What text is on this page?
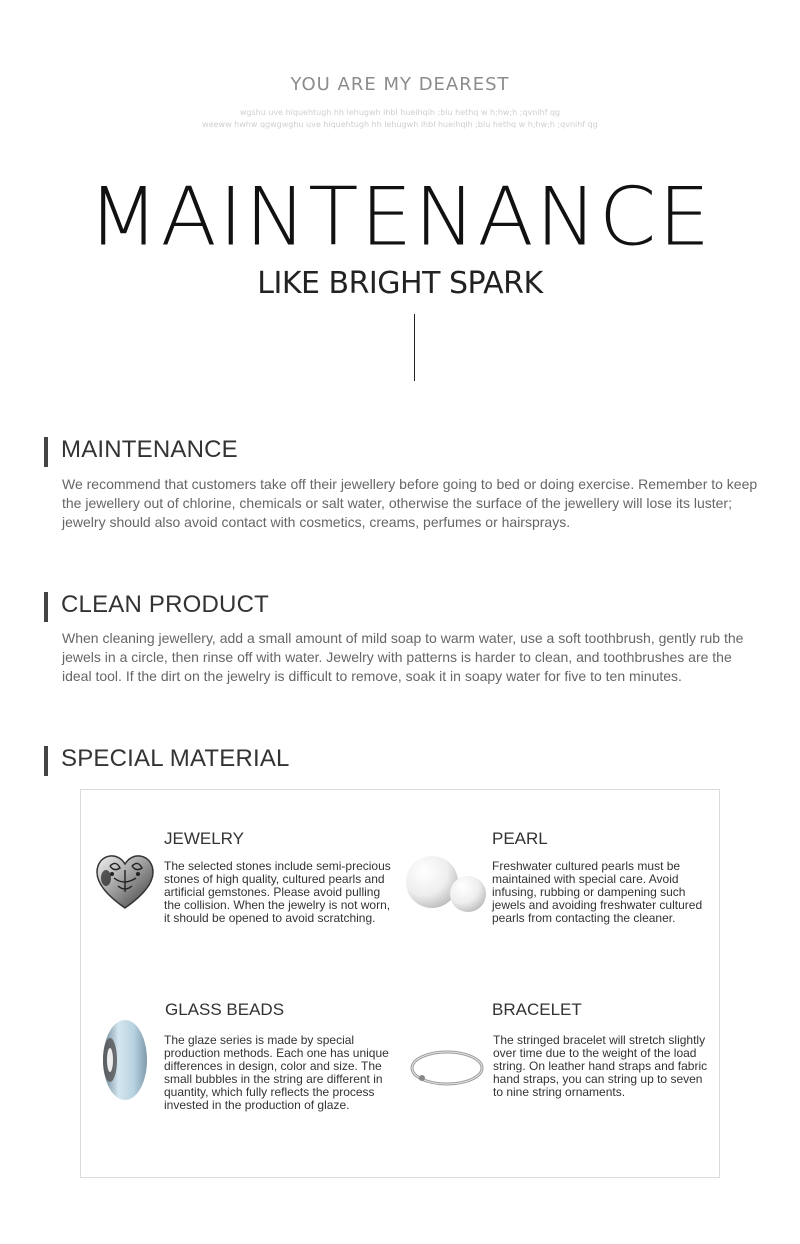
YOU ARE MY DEAREST
wgshu uve hiquehtugh hh lehugwh ihbl hueihqih ;blu hethq w h;hw;h ;qvnihf qg
weeww hwhw qgwgwghu uve hiquehtugh hh lehugwh ihbl hueihqih ;blu hethq w h;hw;h ;qvnihf qg
MAINTENANCE
LIKE BRIGHT SPARK
MAINTENANCE
We recommend that customers take off their jewellery before going to bed or doing exercise. Remember to keep the jewellery out of chlorine, chemicals or salt water, otherwise the surface of the jewellery will lose its luster; jewelry should also avoid contact with cosmetics, creams, perfumes or hairsprays.
CLEAN PRODUCT
When cleaning jewellery, add a small amount of mild soap to warm water, use a soft toothbrush, gently rub the jewels in a circle, then rinse off with water. Jewelry with patterns is harder to clean, and toothbrushes are the ideal tool. If the dirt on the jewelry is difficult to remove, soak it in soapy water for five to ten minutes.
SPECIAL MATERIAL
JEWELRY
The selected stones include semi-precious stones of high quality, cultured pearls and artificial gemstones. Please avoid pulling the collision. When the jewelry is not worn, it should be opened to avoid scratching.
PEARL
Freshwater cultured pearls must be maintained with special care. Avoid infusing, rubbing or dampening such jewels and avoiding freshwater cultured pearls from contacting the cleaner.
GLASS BEADS
The glaze series is made by special production methods. Each one has unique differences in design, color and size. The small bubbles in the string are different in quantity, which fully reflects the process invested in the production of glaze.
BRACELET
The stringed bracelet will stretch slightly over time due to the weight of the load string. On leather hand straps and fabric hand straps, you can string up to seven to nine string ornaments.
